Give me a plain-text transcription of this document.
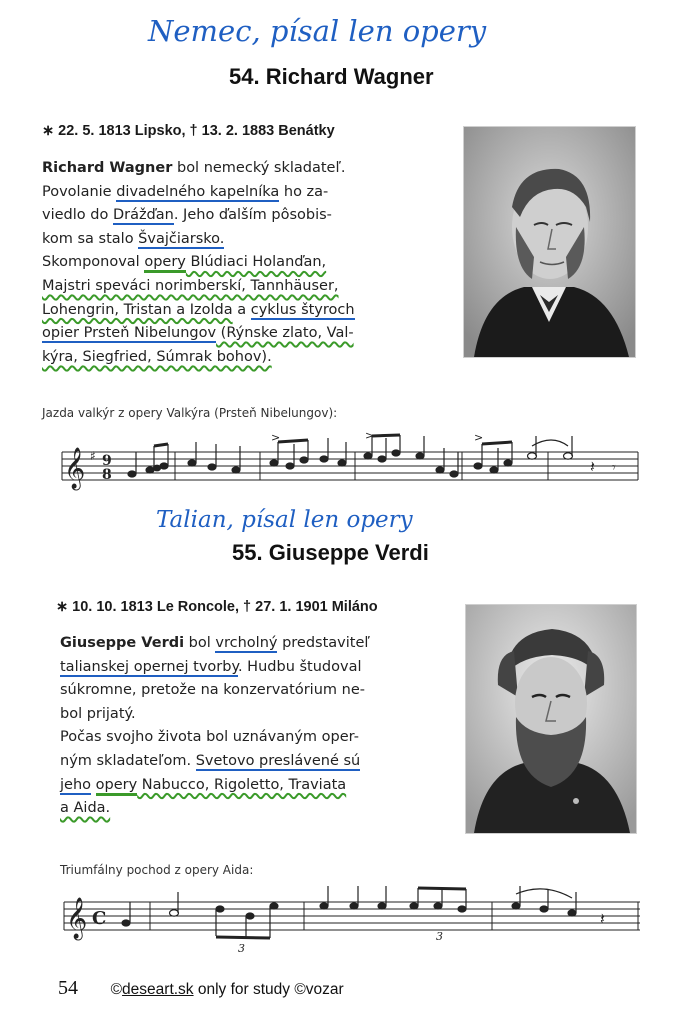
Nemec, písal len opery
54. Richard Wagner
∗ 22. 5. 1813 Lipsko, † 13. 2. 1883 Benátky
Richard Wagner bol nemecký skladateľ.
Povolanie divadelného kapelníka ho za-
viedlo do Drážďan. Jeho ďalším pôsobis-
kom sa stalo Švajčiarsko.
Skomponoval opery Blúdiaci Holanďan,
Majstri speváci norimberskí, Tannhäuser,
Lohengrin, Tristan a Izolda a cyklus štyroch
opier Prsteň Nibelungov (Rýnske zlato, Val-
kýra, Siegfried, Súmrak bohov).
Jazda valkýr z opery Valkýra (Prsteň Nibelungov):
𝄞 ♯ 9
8	𝄽 𝄾
>	>	>
Talian, písal len opery
55. Giuseppe Verdi
∗ 10. 10. 1813 Le Roncole, † 27. 1. 1901 Miláno
Giuseppe Verdi bol vrcholný predstaviteľ
talianskej opernej tvorby. Hudbu študoval
súkromne, pretože na konzervatórium ne-
bol prijatý.
Počas svojho života bol uznávaným oper-
ným skladateľom. Svetovo preslávené sú
jeho opery Nabucco, Rigoletto, Traviata
a Aida.
Triumfálny pochod z opery Aida:
𝄞 C	𝄽
3
3
54 ©deseart.sk only for study ©vozar
